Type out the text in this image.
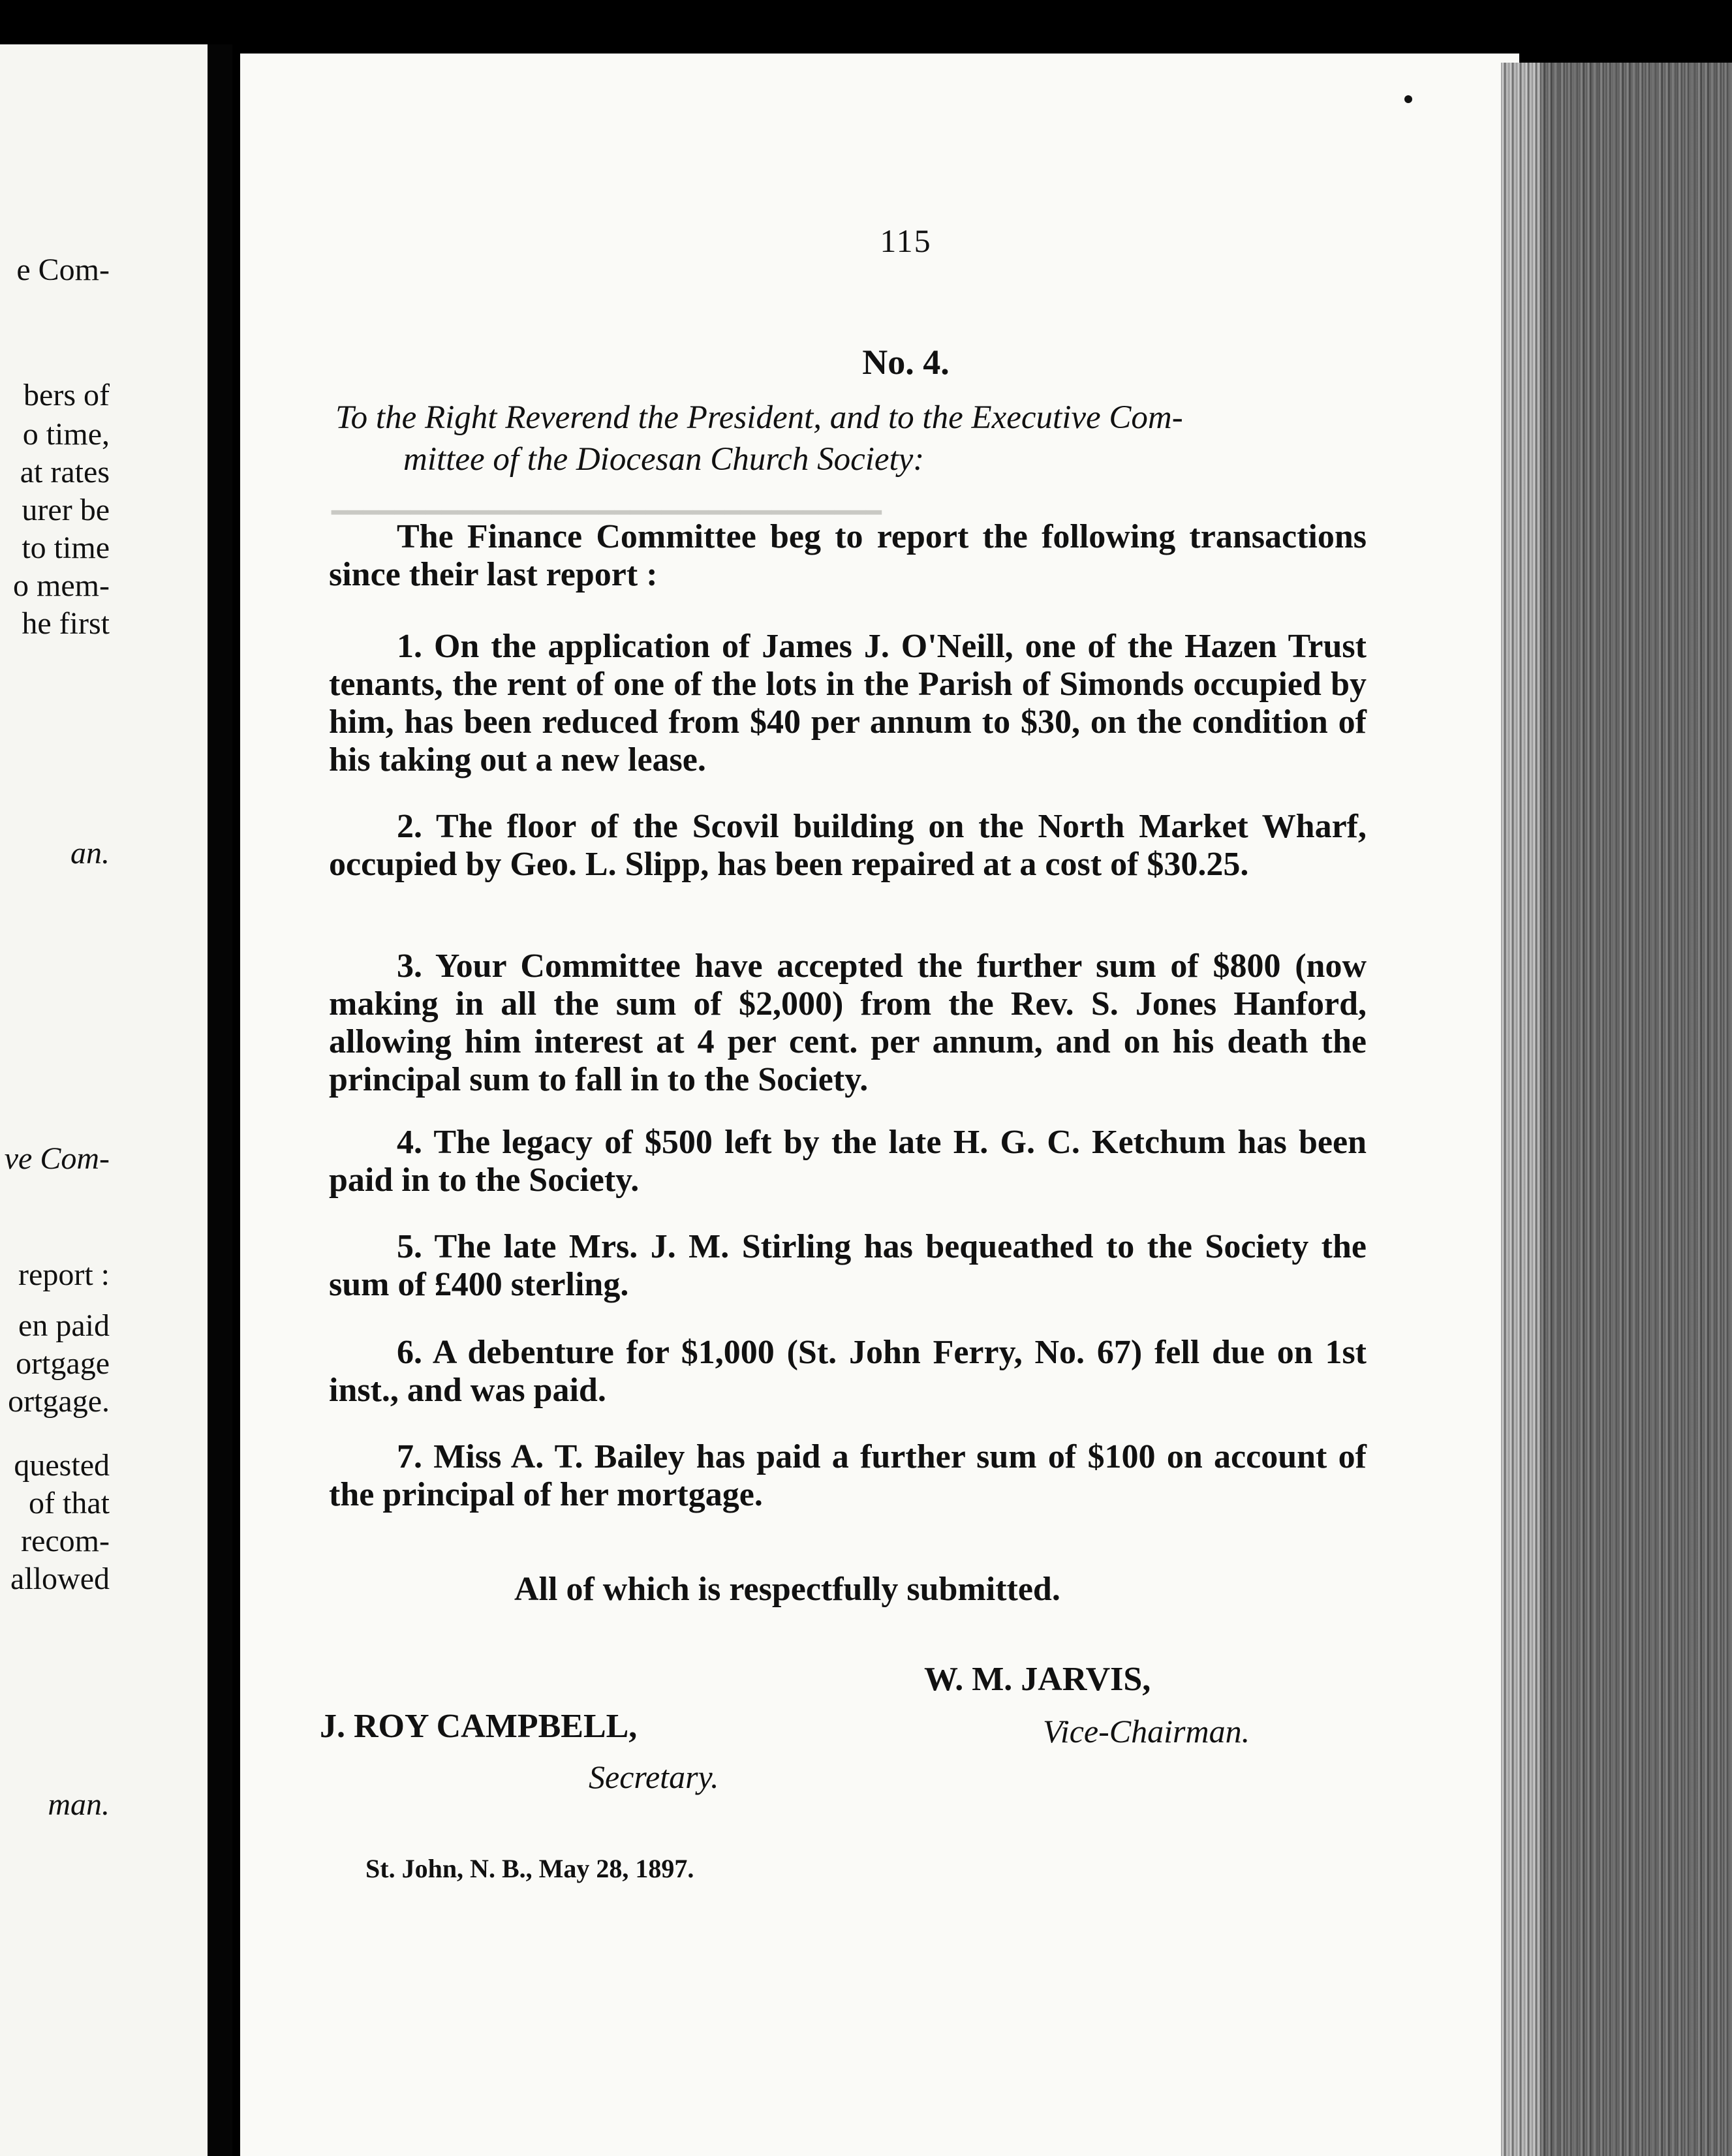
e Com-
bers of
o time,
at rates
urer be
to time
o mem-
he first
an.
ve Com-
report :
en paid
ortgage
ortgage.
quested
of that
recom-
allowed
man.
━━━━━━━━━━━━━━━━━━━━━━━━━━━━━━━━━━━
115
No. 4.
To the Right Reverend the President, and to the Executive Com-
mittee of the Diocesan Church Society:
The Finance Committee beg to report the following transactions since their last report :
1. On the application of James J. O'Neill, one of the Hazen Trust tenants, the rent of one of the lots in the Parish of Simonds occupied by him, has been reduced from $40 per annum to $30, on the condition of his taking out a new lease.
2. The floor of the Scovil building on the North Market Wharf, occupied by Geo. L. Slipp, has been repaired at a cost of $30.25.
3. Your Committee have accepted the further sum of $800 (now making in all the sum of $2,000) from the Rev. S. Jones Hanford, allowing him interest at 4 per cent. per annum, and on his death the principal sum to fall in to the Society.
4. The legacy of $500 left by the late H. G. C. Ketchum has been paid in to the Society.
5. The late Mrs. J. M. Stirling has bequeathed to the Society the sum of £400 sterling.
6. A debenture for $1,000 (St. John Ferry, No. 67) fell due on 1st inst., and was paid.
7. Miss A. T. Bailey has paid a further sum of $100 on account of the principal of her mortgage.
All of which is respectfully submitted.
W. M. JARVIS,
Vice-Chairman.
J. ROY CAMPBELL,
Secretary.
St. John, N. B., May 28, 1897.
